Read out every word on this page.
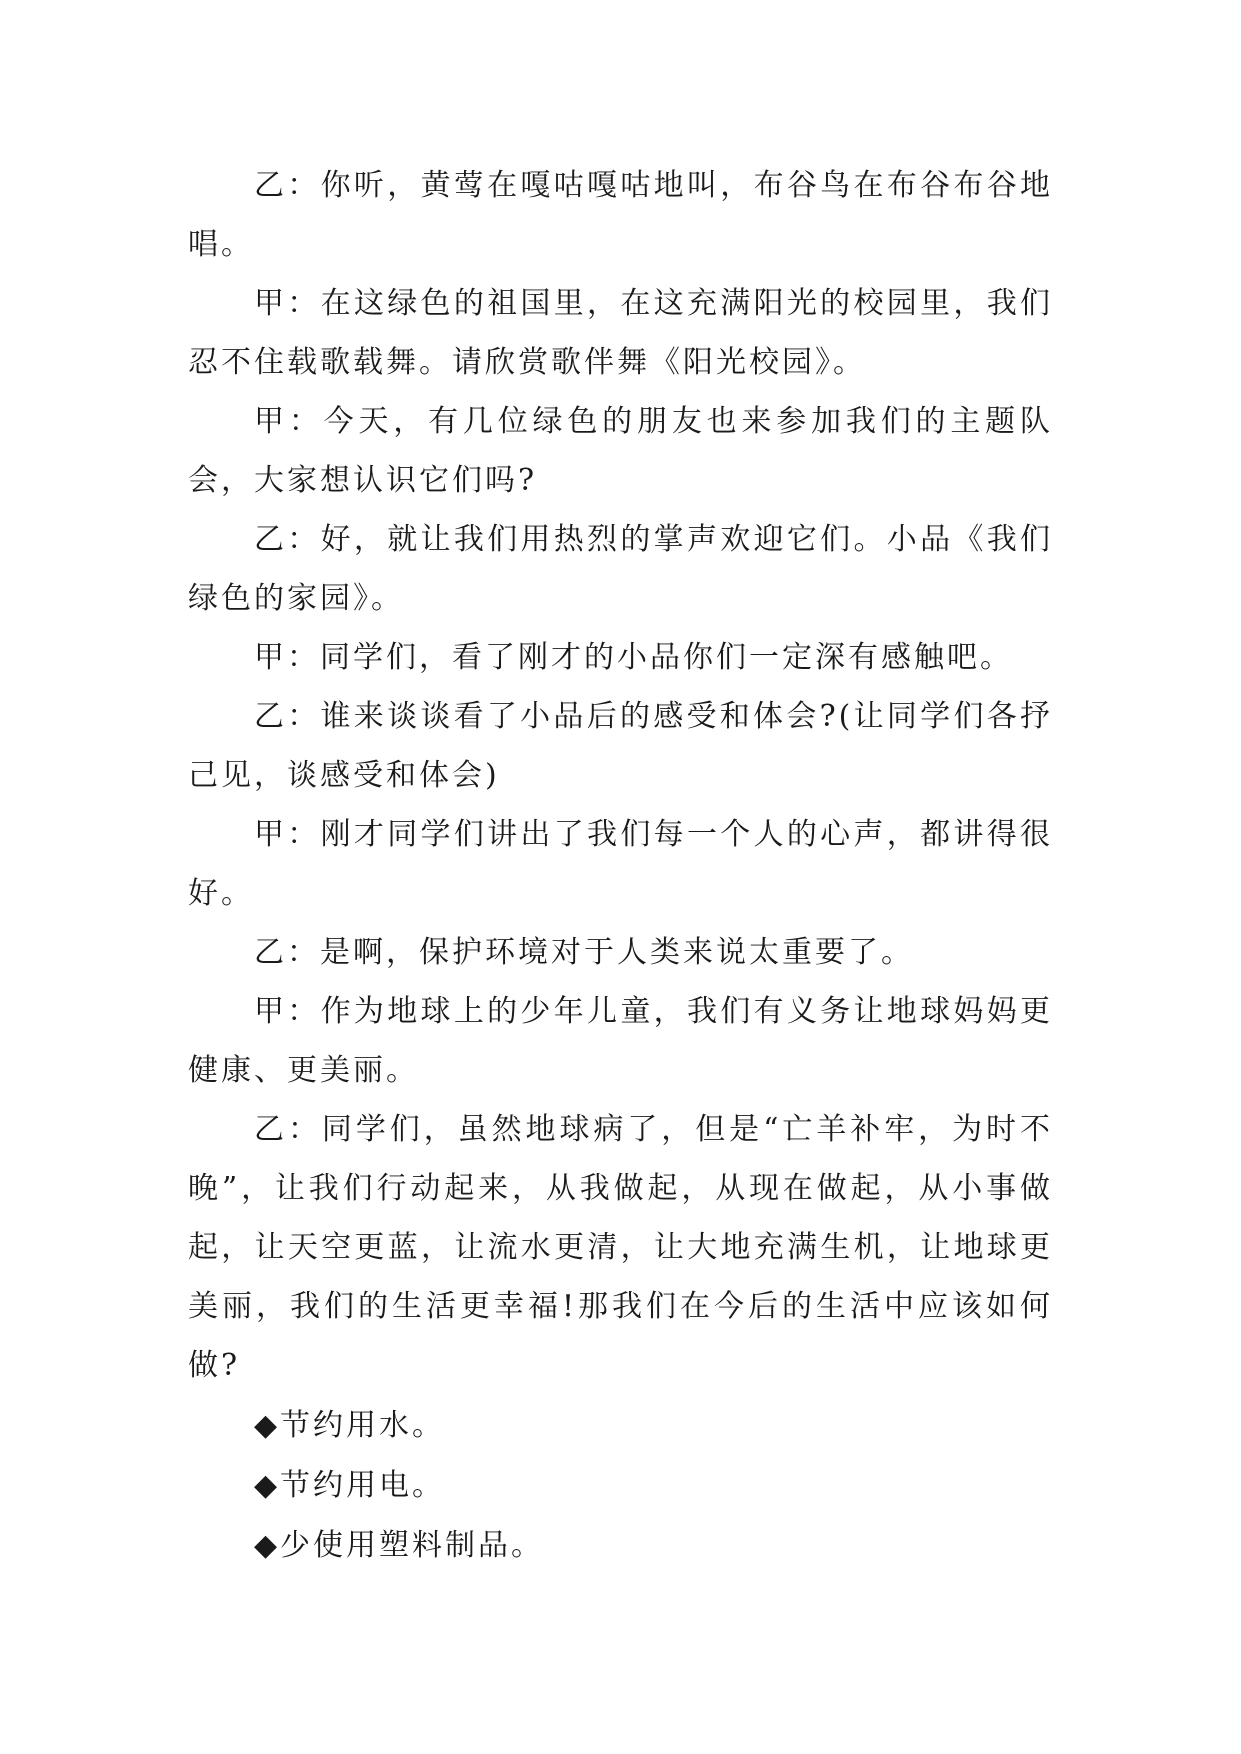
乙：你听，黄莺在嘎咕嘎咕地叫，布谷鸟在布谷布谷地唱。

甲：在这绿色的祖国里，在这充满阳光的校园里，我们忍不住载歌载舞。请欣赏歌伴舞《阳光校园》。

甲：今天，有几位绿色的朋友也来参加我们的主题队会，大家想认识它们吗?

乙：好，就让我们用热烈的掌声欢迎它们。小品《我们绿色的家园》。

甲：同学们，看了刚才的小品你们一定深有感触吧。

乙：谁来谈谈看了小品后的感受和体会?(让同学们各抒己见，谈感受和体会)

甲：刚才同学们讲出了我们每一个人的心声，都讲得很好。

乙：是啊，保护环境对于人类来说太重要了。

甲：作为地球上的少年儿童，我们有义务让地球妈妈更健康、更美丽。

乙：同学们，虽然地球病了，但是“亡羊补牢，为时不晚”，让我们行动起来，从我做起，从现在做起，从小事做起，让天空更蓝，让流水更清，让大地充满生机，让地球更美丽，我们的生活更幸福!那我们在今后的生活中应该如何做?

◆节约用水。

◆节约用电。

◆少使用塑料制品。
